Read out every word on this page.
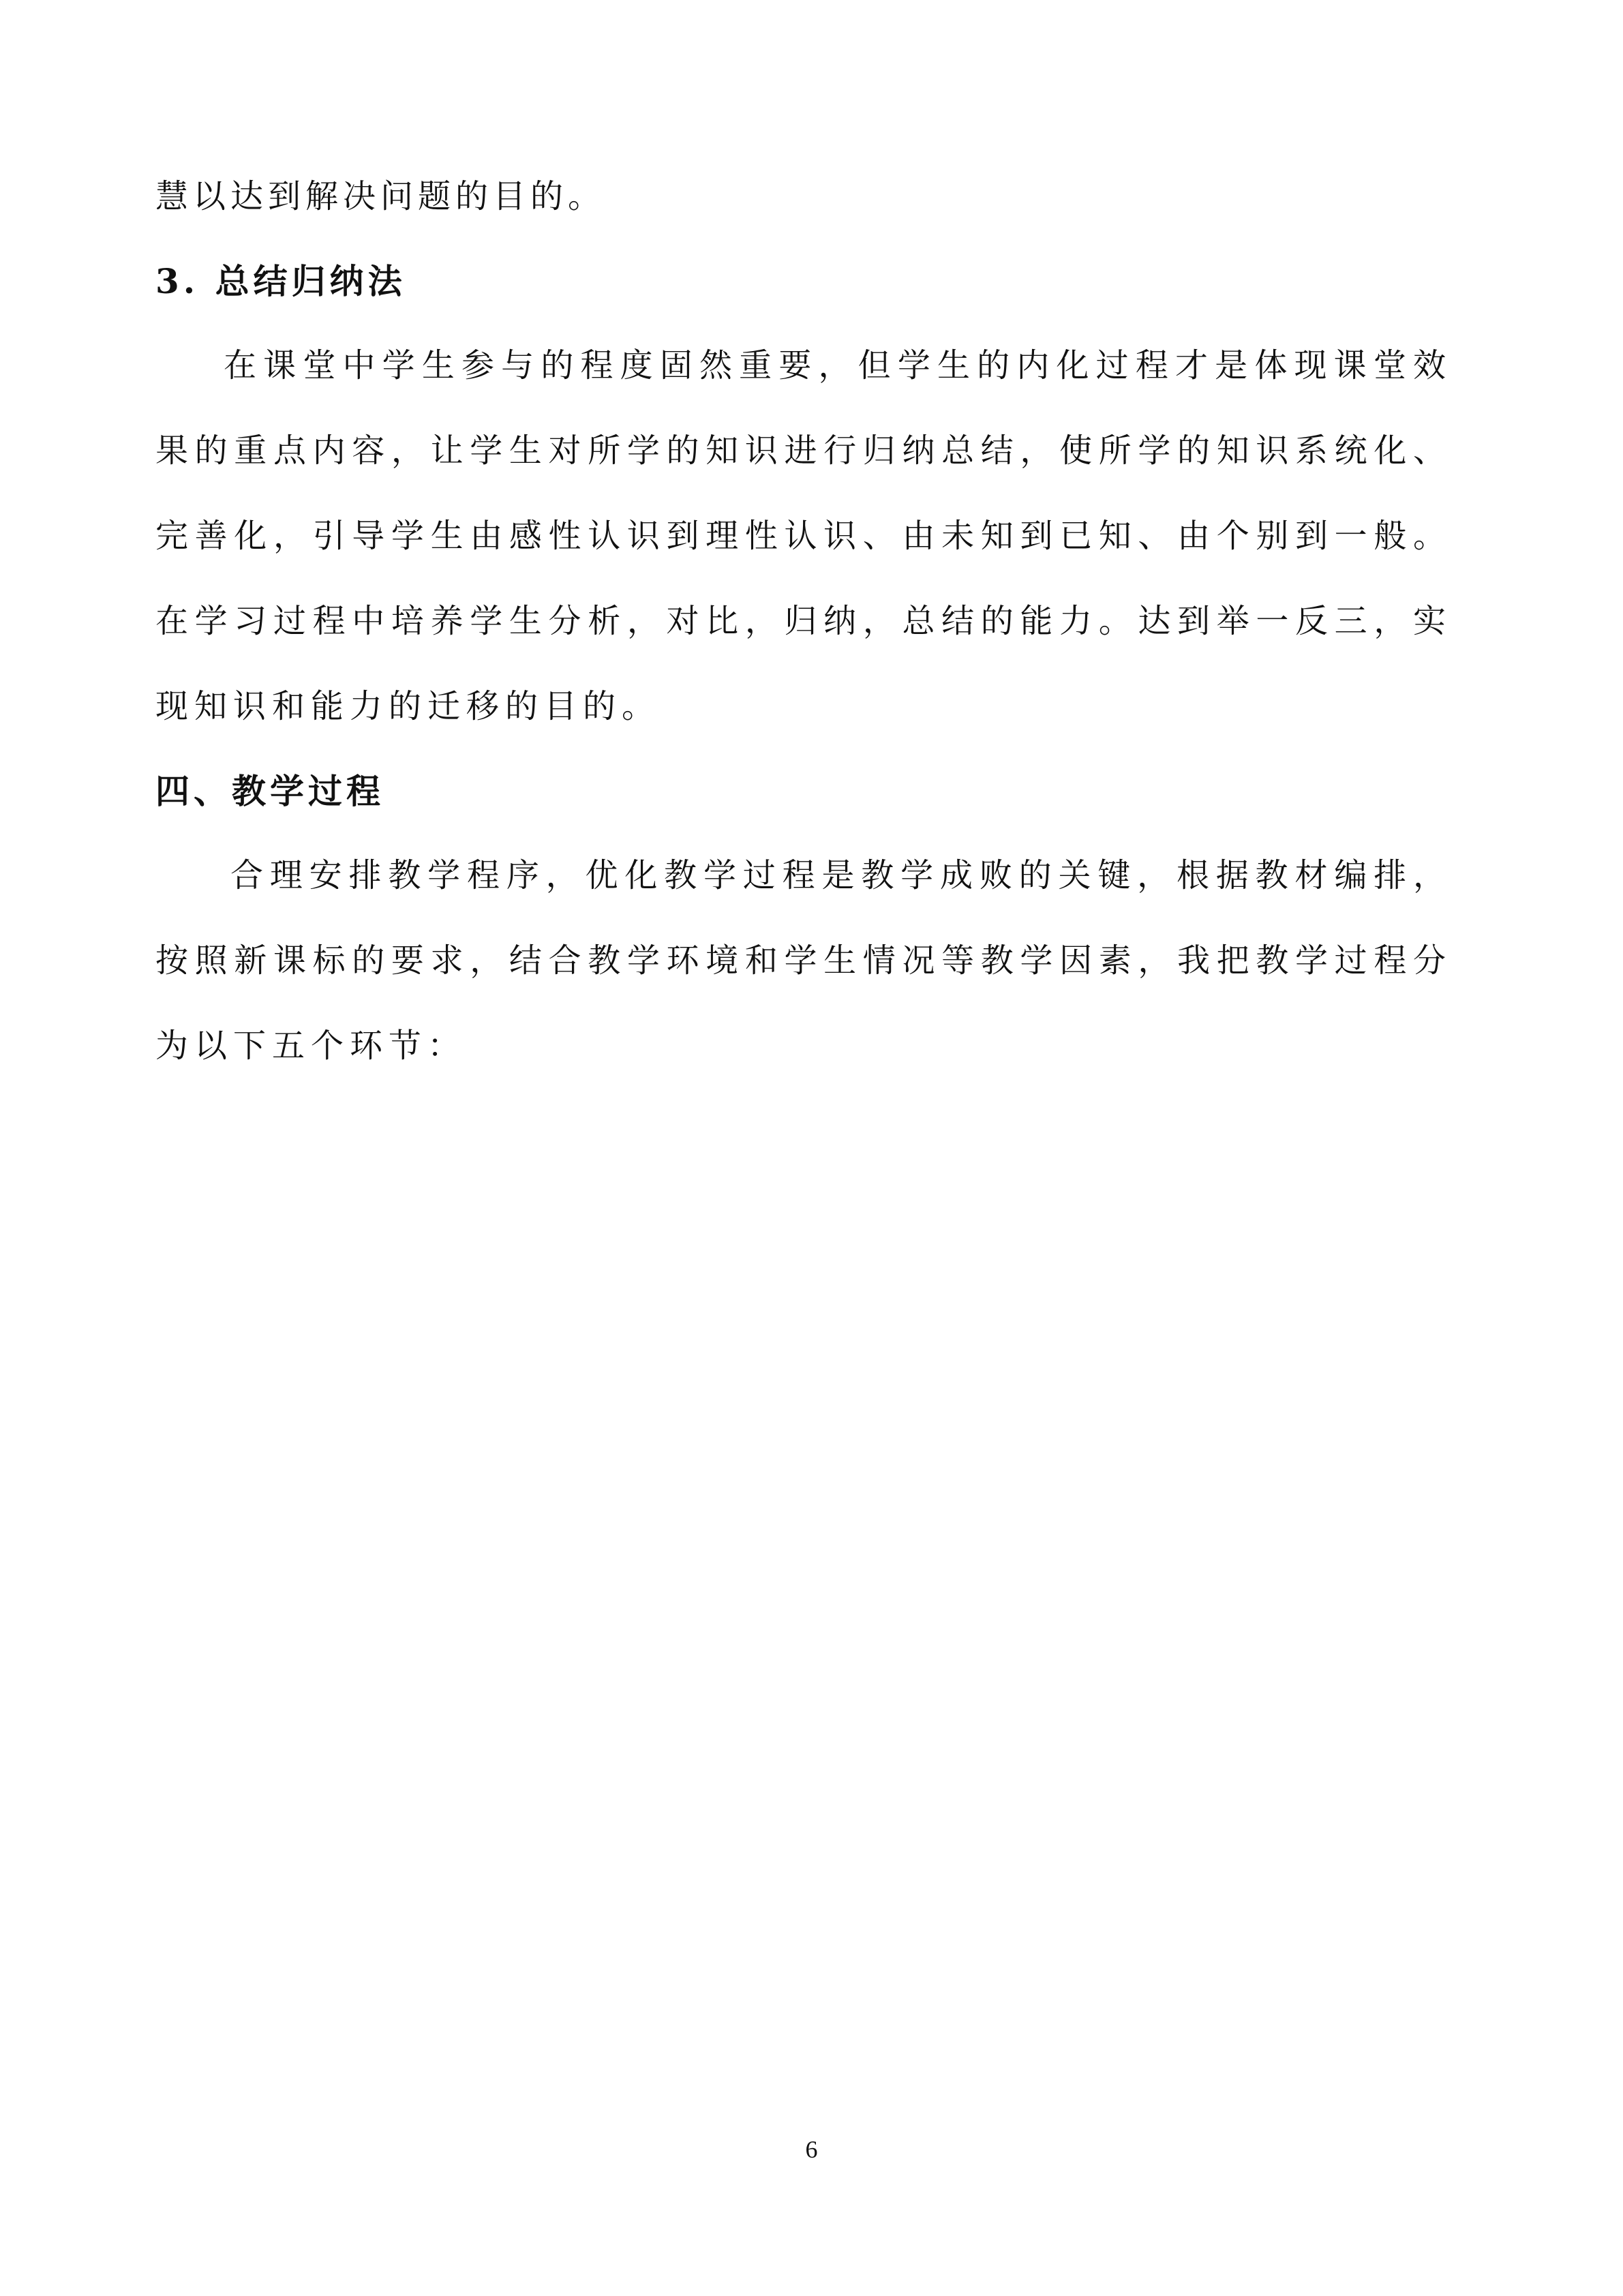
慧以达到解决问题的目的。
3. 总结归纳法
在课堂中学生参与的程度固然重要，但学生的内化过程才是体现课堂效果的重点内容，让学生对所学的知识进行归纳总结，使所学的知识系统化、完善化，引导学生由感性认识到理性认识、由未知到已知、由个别到一般。在学习过程中培养学生分析，对比，归纳，总结的能力。达到举一反三，实现知识和能力的迁移的目的。
四、教学过程
合理安排教学程序，优化教学过程是教学成败的关键，根据教材编排，按照新课标的要求，结合教学环境和学生情况等教学因素，我把教学过程分为以下五个环节：
6
